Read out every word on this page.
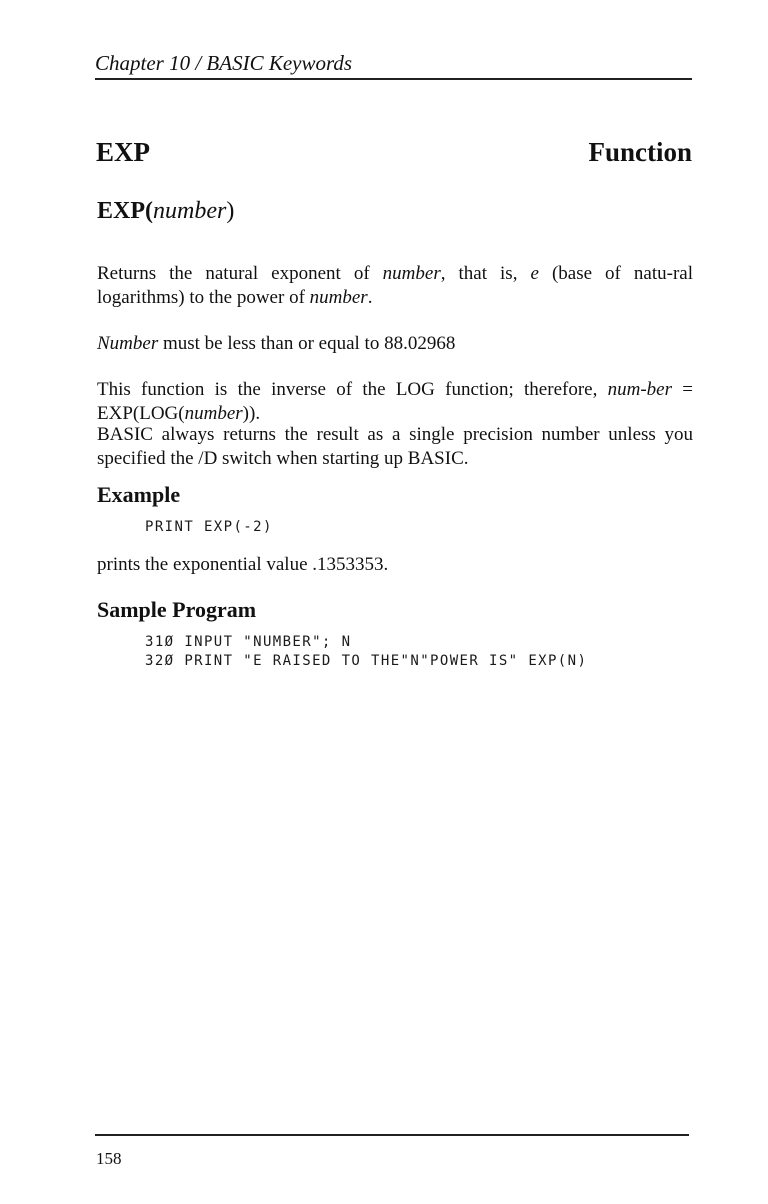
Chapter 10 / BASIC Keywords
EXP	Function
EXP(number)

Returns the natural exponent of number, that is, e (base of natu-ral logarithms) to the power of number.

Number must be less than or equal to 88.02968

This function is the inverse of the LOG function; therefore, num-ber = EXP(LOG(number)).

BASIC always returns the result as a single precision number unless you specified the /D switch when starting up BASIC.

Example
PRINT EXP(-2)

prints the exponential value .1353353.

Sample Program
31Ø INPUT "NUMBER"; N
32Ø PRINT "E RAISED TO THE"N"POWER IS" EXP(N)
158
